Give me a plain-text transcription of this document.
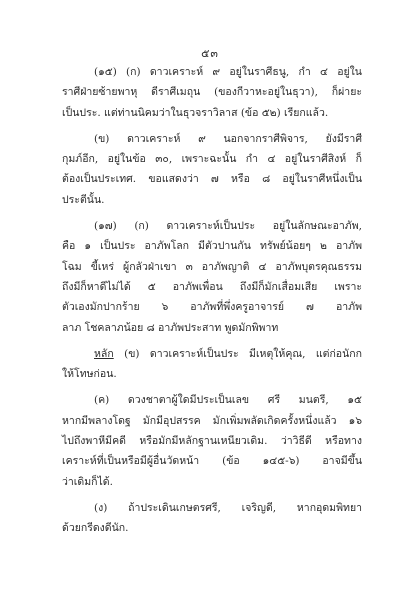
๕๓
(๑๕) (ก) ดาวเคราะห์ ๙ อยู่ในราศีธนู, กำ ๔ อยู่ใน
ราศีฝ่ายซ้ายพาหุ ดีราศีเมถุน (ของกีวาหะอยู่ในธุวา), ก็ผ่ายะ
เป็นประ. แต่ท่านนิคมว่าในธุวจราวิลาส (ข้อ ๕๒) เรียกแล้ว.
(ข) ดาวเคราะห์ ๙ นอกจากราศีพิจาร, ยังมีราศี
กุมภ์อีก, อยู่ในข้อ ๓๐, เพราะฉะนั้น กำ ๔ อยู่ในราศีสิงห์ ก็
ต้องเป็นประเทศ. ขอแสดงว่า ๗ หรือ ๘ อยู่ในราศีหนึ่งเป็น
ประตีนั้น.
(๑๗) (ก) ดาวเคราะห์เป็นประ อยู่ในลักษณะอาภัพ,
คือ ๑ เป็นประ อาภัพโลก มีตัวปานกัน ทรัพย์น้อยๆ ๒ อาภัพ
โฉม ขี้เหร่ ผู้กลัวฝ่าเขา ๓ อาภัพญาติ ๔ อาภัพบุตรคุณธรรม
ถึงมีก็หาดีไม่ได้ ๕ อาภัพเพื่อน ถึงมีก็มักเสื่อมเสีย เพราะ
ตัวเองมักปากร้าย ๖ อาภัพที่พึ่งครูอาจารย์ ๗ อาภัพ
ลาภ โชคลาภน้อย ๘ อาภัพประสาท พูดมักพิพาท
หลัก (ข) ดาวเคราะห์เป็นประ มีเหตุให้คุณ, แต่ก่อนักก
ให้โทษก่อน.
(ค) ดวงชาตาผู้ใดมีประเป็นเลข ศรี มนตรี, ๑๕
หากมีพลางโดฐ มักมีอุปสรรค มักเพิ่มพลัดเกิดครั้งหนึ่งแล้ว ๑๖
ไปถึงพาหีมีคดี หรือมักมีหลักฐานเหนียวเดิม. ว่าวิธีดี หรือทาง
เคราะห์ที่เป็นหรือมีผู้อื่นวัดหน้า (ข้อ ๑๔๕-๖) อาจมีขึ้น
ว่าเดิมก็ได้.
(ง) ถ้าประเดินเกษตรศรี, เจริญดี, หากอุดมพิทยา
ด้วยกรีดงดีนัก.
